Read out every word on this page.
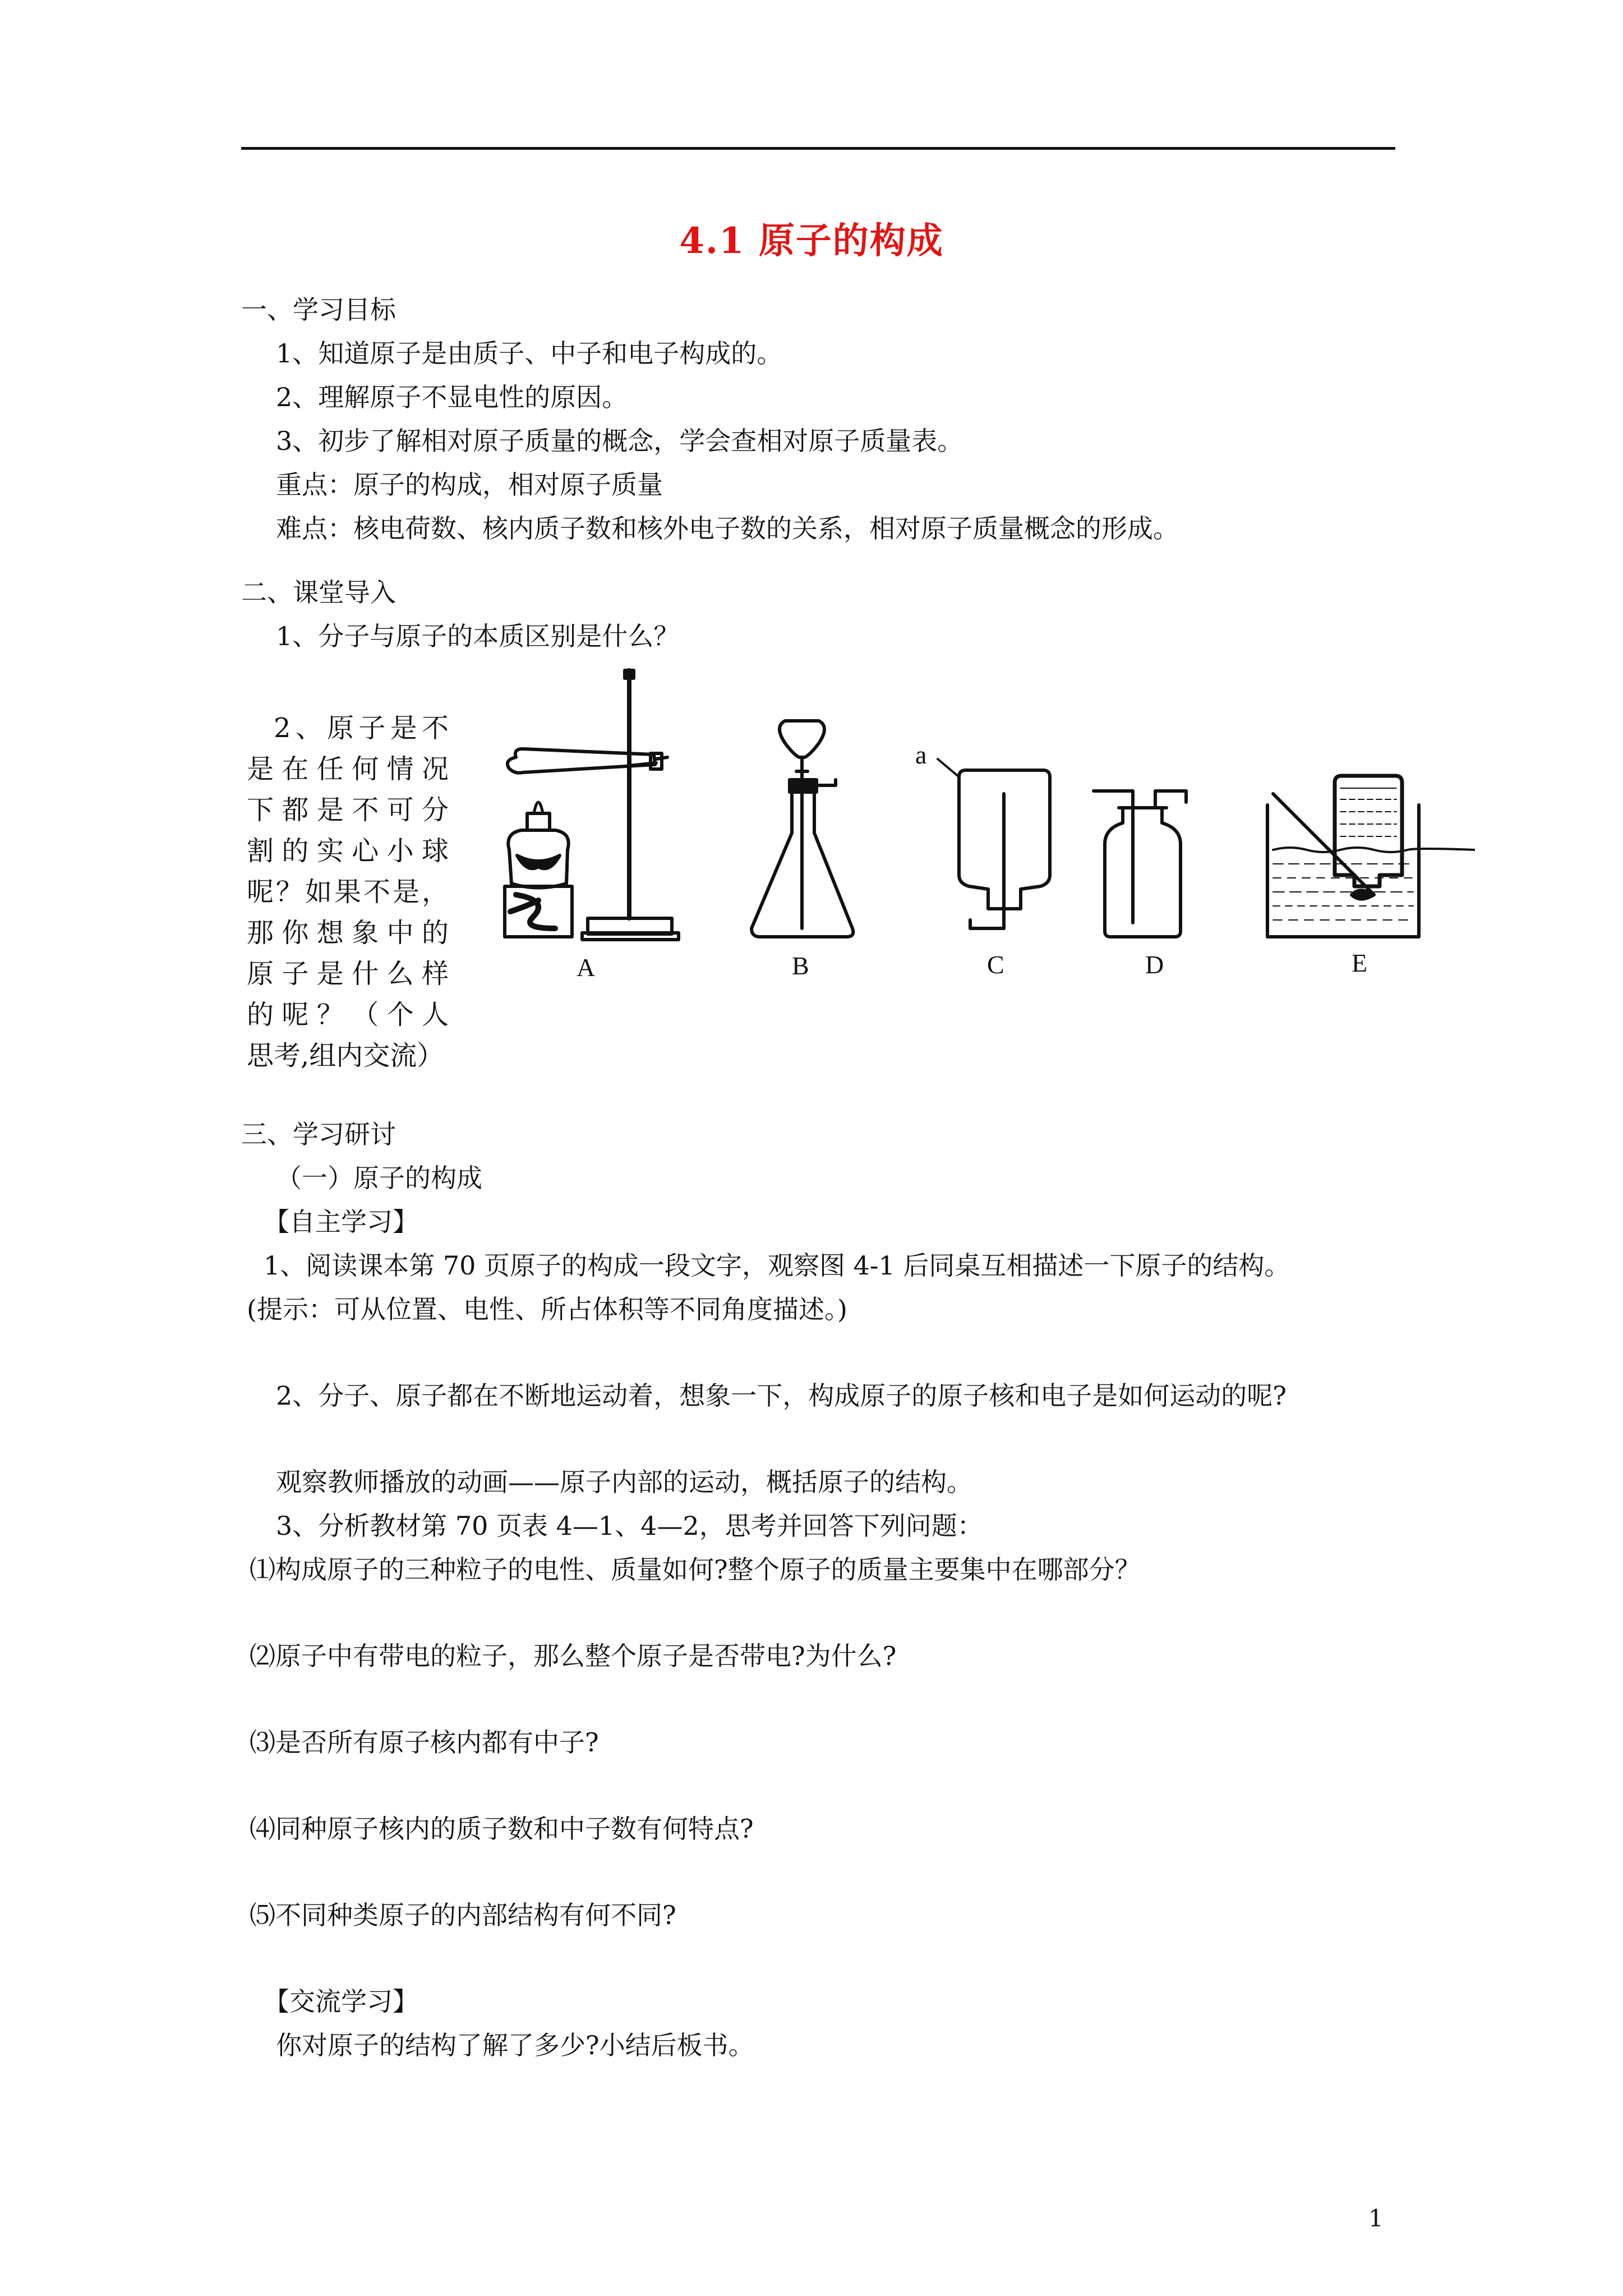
4.1 原子的构成
一、学习目标
1、知道原子是由质子、中子和电子构成的。
2、理解原子不显电性的原因。
3、初步了解相对原子质量的概念，学会查相对原子质量表。
重点：原子的构成，相对原子质量
难点：核电荷数、核内质子数和核外电子数的关系，相对原子质量概念的形成。
二、课堂导入
1、分子与原子的本质区别是什么？
2、原子是不
是在任何情况
下都是不可分
割的实心小球
呢？如果不是，
那你想象中的
原子是什么样
的呢？（个人
思考,组内交流）
A	B	C	D	E
a
三、学习研讨
（一）原子的构成
【自主学习】
1、阅读课本第 70 页原子的构成一段文字，观察图 4-1 后同桌互相描述一下原子的结构。
(提示：可从位置、电性、所占体积等不同角度描述。)
2、分子、原子都在不断地运动着，想象一下，构成原子的原子核和电子是如何运动的呢?
观察教师播放的动画——原子内部的运动，概括原子的结构。
3、分析教材第 70 页表 4—1、4—2，思考并回答下列问题：
⑴构成原子的三种粒子的电性、质量如何?整个原子的质量主要集中在哪部分？
⑵原子中有带电的粒子，那么整个原子是否带电?为什么?
⑶是否所有原子核内都有中子?
⑷同种原子核内的质子数和中子数有何特点?
⑸不同种类原子的内部结构有何不同?
【交流学习】
你对原子的结构了解了多少?小结后板书。
1
